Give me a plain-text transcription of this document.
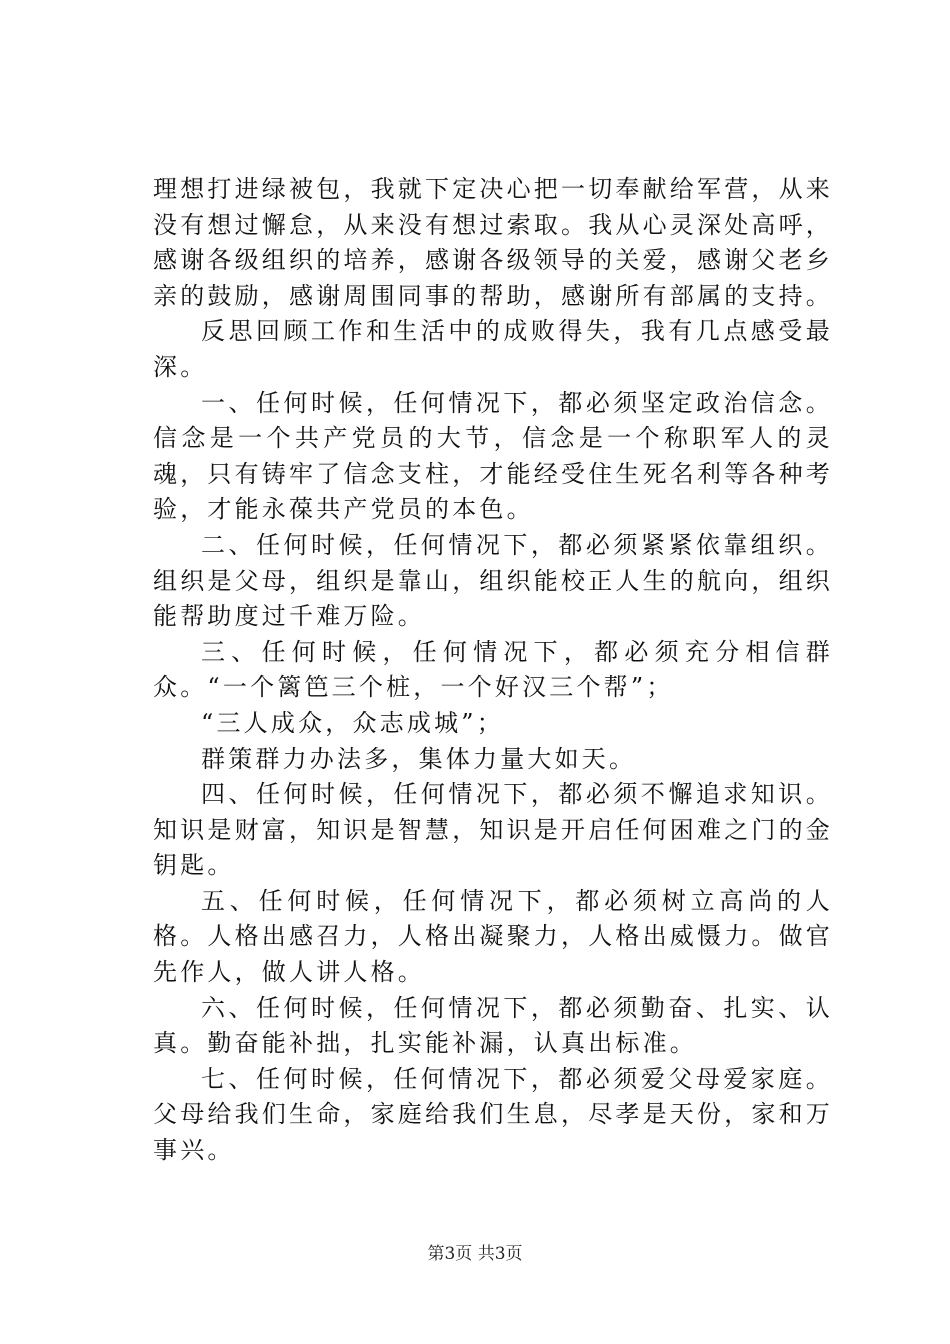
理想打进绿被包，我就下定决心把一切奉献给军营，从来没有想过懈怠，从来没有想过索取。我从心灵深处高呼，感谢各级组织的培养，感谢各级领导的关爱，感谢父老乡亲的鼓励，感谢周围同事的帮助，感谢所有部属的支持。

反思回顾工作和生活中的成败得失，我有几点感受最深。

一、任何时候，任何情况下，都必须坚定政治信念。信念是一个共产党员的大节，信念是一个称职军人的灵魂，只有铸牢了信念支柱，才能经受住生死名利等各种考验，才能永葆共产党员的本色。

二、任何时候，任何情况下，都必须紧紧依靠组织。组织是父母，组织是靠山，组织能校正人生的航向，组织能帮助度过千难万险。

三、任何时候，任何情况下，都必须充分相信群众。“一个篱笆三个桩，一个好汉三个帮”；

“三人成众，众志成城”；

群策群力办法多，集体力量大如天。

四、任何时候，任何情况下，都必须不懈追求知识。知识是财富，知识是智慧，知识是开启任何困难之门的金钥匙。

五、任何时候，任何情况下，都必须树立高尚的人格。人格出感召力，人格出凝聚力，人格出威慑力。做官先作人，做人讲人格。

六、任何时候，任何情况下，都必须勤奋、扎实、认真。勤奋能补拙，扎实能补漏，认真出标准。

七、任何时候，任何情况下，都必须爱父母爱家庭。父母给我们生命，家庭给我们生息，尽孝是天份，家和万事兴。

第3页 共3页
